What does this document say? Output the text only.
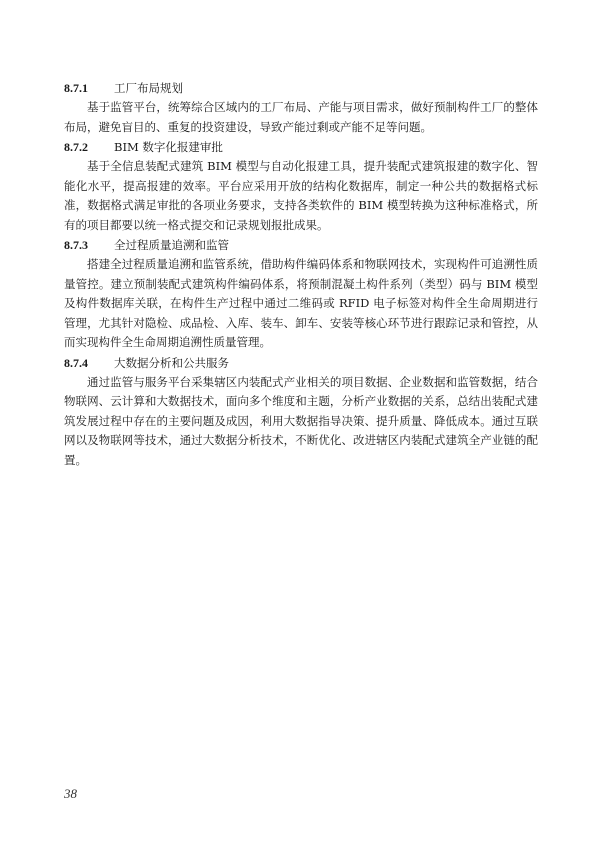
8.7.1 工厂布局规划

基于监管平台，统筹综合区域内的工厂布局、产能与项目需求，做好预制构件工厂的整体布局，避免盲目的、重复的投资建设，导致产能过剩或产能不足等问题。

8.7.2 BIM 数字化报建审批

基于全信息装配式建筑 BIM 模型与自动化报建工具，提升装配式建筑报建的数字化、智能化水平，提高报建的效率。平台应采用开放的结构化数据库，制定一种公共的数据格式标准，数据格式满足审批的各项业务要求，支持各类软件的 BIM 模型转换为这种标准格式，所有的项目都要以统一格式提交和记录规划报批成果。

8.7.3 全过程质量追溯和监管

搭建全过程质量追溯和监管系统，借助构件编码体系和物联网技术，实现构件可追溯性质量管控。建立预制装配式建筑构件编码体系，将预制混凝土构件系列（类型）码与 BIM 模型及构件数据库关联，在构件生产过程中通过二维码或 RFID 电子标签对构件全生命周期进行管理，尤其针对隐检、成品检、入库、装车、卸车、安装等核心环节进行跟踪记录和管控，从而实现构件全生命周期追溯性质量管理。

8.7.4 大数据分析和公共服务

通过监管与服务平台采集辖区内装配式产业相关的项目数据、企业数据和监管数据，结合物联网、云计算和大数据技术，面向多个维度和主题，分析产业数据的关系，总结出装配式建筑发展过程中存在的主要问题及成因，利用大数据指导决策、提升质量、降低成本。通过互联网以及物联网等技术，通过大数据分析技术，不断优化、改进辖区内装配式建筑全产业链的配置。

38
